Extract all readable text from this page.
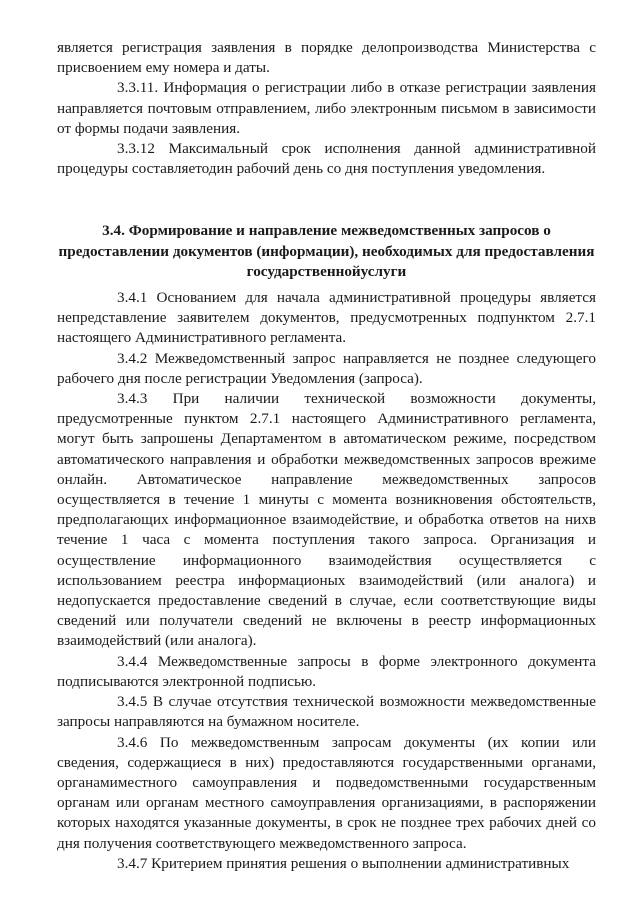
является регистрация заявления в порядке делопроизводства Министерства с присвоением ему номера и даты.

3.3.11. Информация о регистрации либо в отказе регистрации заявления направляется почтовым отправлением, либо электронным письмом в зависимости от формы подачи заявления.

3.3.12 Максимальный срок исполнения данной административной процедуры составляетодин рабочий день со дня поступления уведомления.

3.4. Формирование и направление межведомственных запросов о предоставлении документов (информации), необходимых для предоставления государственнойуслуги

3.4.1 Основанием для начала административной процедуры является непредставление заявителем документов, предусмотренных подпунктом 2.7.1 настоящего Административного регламента.

3.4.2 Межведомственный запрос направляется не позднее следующего рабочего дня после регистрации Уведомления (запроса).

3.4.3 При наличии технической возможности документы, предусмотренные пунктом 2.7.1 настоящего Административного регламента, могут быть запрошены Департаментом в автоматическом режиме, посредством автоматического направления и обработки межведомственных запросов врежиме онлайн. Автоматическое направление межведомственных запросов осуществляется в течение 1 минуты с момента возникновения обстоятельств, предполагающих информационное взаимодействие, и обработка ответов на нихв течение 1 часа с момента поступления такого запроса. Организация и осуществление информационного взаимодействия осуществляется с использованием реестра информационых взаимодействий (или аналога) и недопускается предоставление сведений в случае, если соответствующие виды сведений или получатели сведений не включены в реестр информационных взаимодействий (или аналога).

3.4.4 Межведомственные запросы в форме электронного документа подписываются электронной подписью.

3.4.5 В случае отсутствия технической возможности межведомственные запросы направляются на бумажном носителе.

3.4.6 По межведомственным запросам документы (их копии или сведения, содержащиеся в них) предоставляются государственными органами, органамиместного самоуправления и подведомственными государственным органам или органам местного самоуправления организациями, в распоряжении которых находятся указанные документы, в срок не позднее трех рабочих дней со дня получения соответствующего межведомственного запроса.

3.4.7 Критерием принятия решения о выполнении административных
